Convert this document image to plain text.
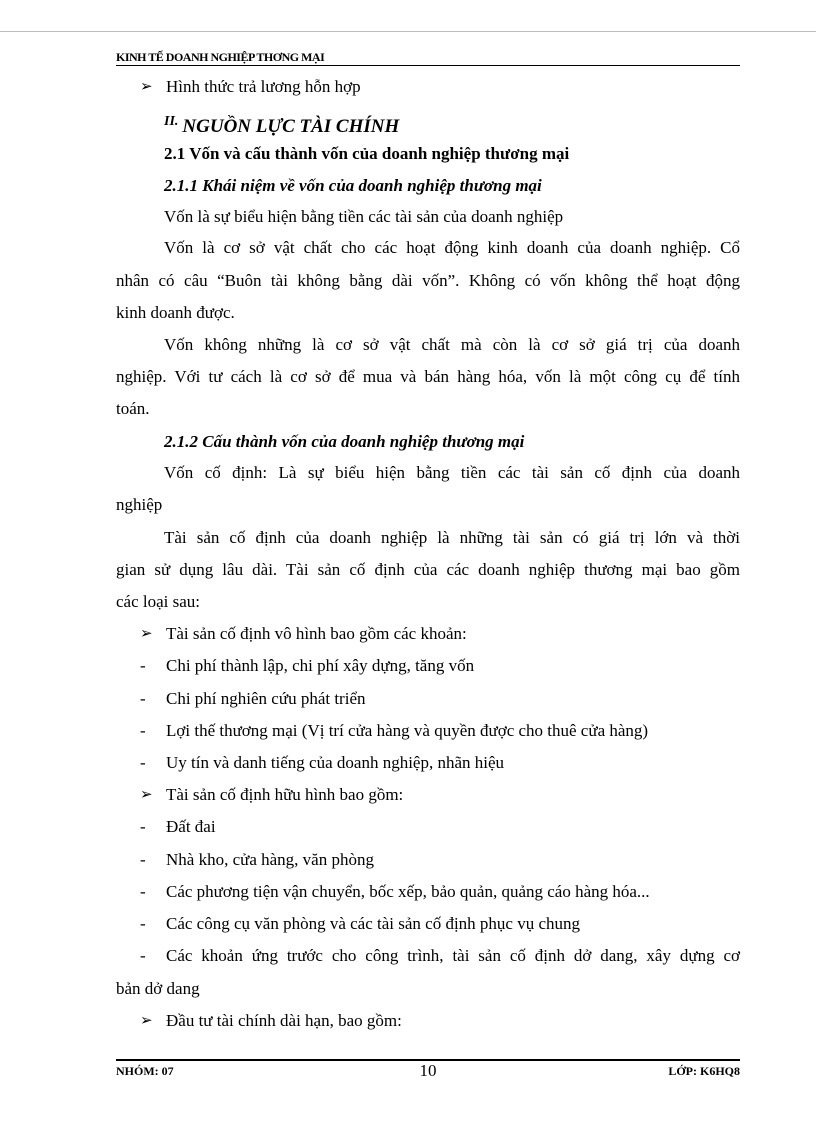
KINH TẾ DOANH NGHIỆP THƠNG MẠI
➢ Hình thức trả lương hỗn hợp
$^{II.}$ NGUỒN LỰC TÀI CHÍNH
2.1 Vốn và cấu thành vốn của doanh nghiệp thương mại
2.1.1 Khái niệm về vốn của doanh nghiệp thương mại
Vốn là sự biểu hiện bằng tiền các tài sản của doanh nghiệp
Vốn là cơ sở vật chất cho các hoạt động kinh doanh của doanh nghiệp. Cổ
nhân có câu “Buôn tài không bằng dài vốn”. Không có vốn không thể hoạt động
kinh doanh được.
Vốn không những là cơ sở vật chất mà còn là cơ sở giá trị của doanh
nghiệp. Với tư cách là cơ sở để mua và bán hàng hóa, vốn là một công cụ để tính
toán.
2.1.2 Cấu thành vốn của doanh nghiệp thương mại
Vốn cố định: Là sự biểu hiện bằng tiền các tài sản cố định của doanh
nghiệp
Tài sản cố định của doanh nghiệp là những tài sản có giá trị lớn và thời
gian sử dụng lâu dài. Tài sản cố định của các doanh nghiệp thương mại bao gồm
các loại sau:
➢ Tài sản cố định vô hình bao gồm các khoản:
- Chi phí thành lập, chi phí xây dựng, tăng vốn
- Chi phí nghiên cứu phát triển
- Lợi thế thương mại (Vị trí cửa hàng và quyền được cho thuê cửa hàng)
- Uy tín và danh tiếng của doanh nghiệp, nhãn hiệu
➢ Tài sản cố định hữu hình bao gồm:
- Đất đai
- Nhà kho, cửa hàng, văn phòng
- Các phương tiện vận chuyển, bốc xếp, bảo quản, quảng cáo hàng hóa...
- Các công cụ văn phòng và các tài sản cố định phục vụ chung
- Các khoản ứng trước cho công trình, tài sản cố định dở dang, xây dựng cơ
bản dở dang
➢ Đầu tư tài chính dài hạn, bao gồm:
NHÓM: 07	LỚP: K6HQ8
10
